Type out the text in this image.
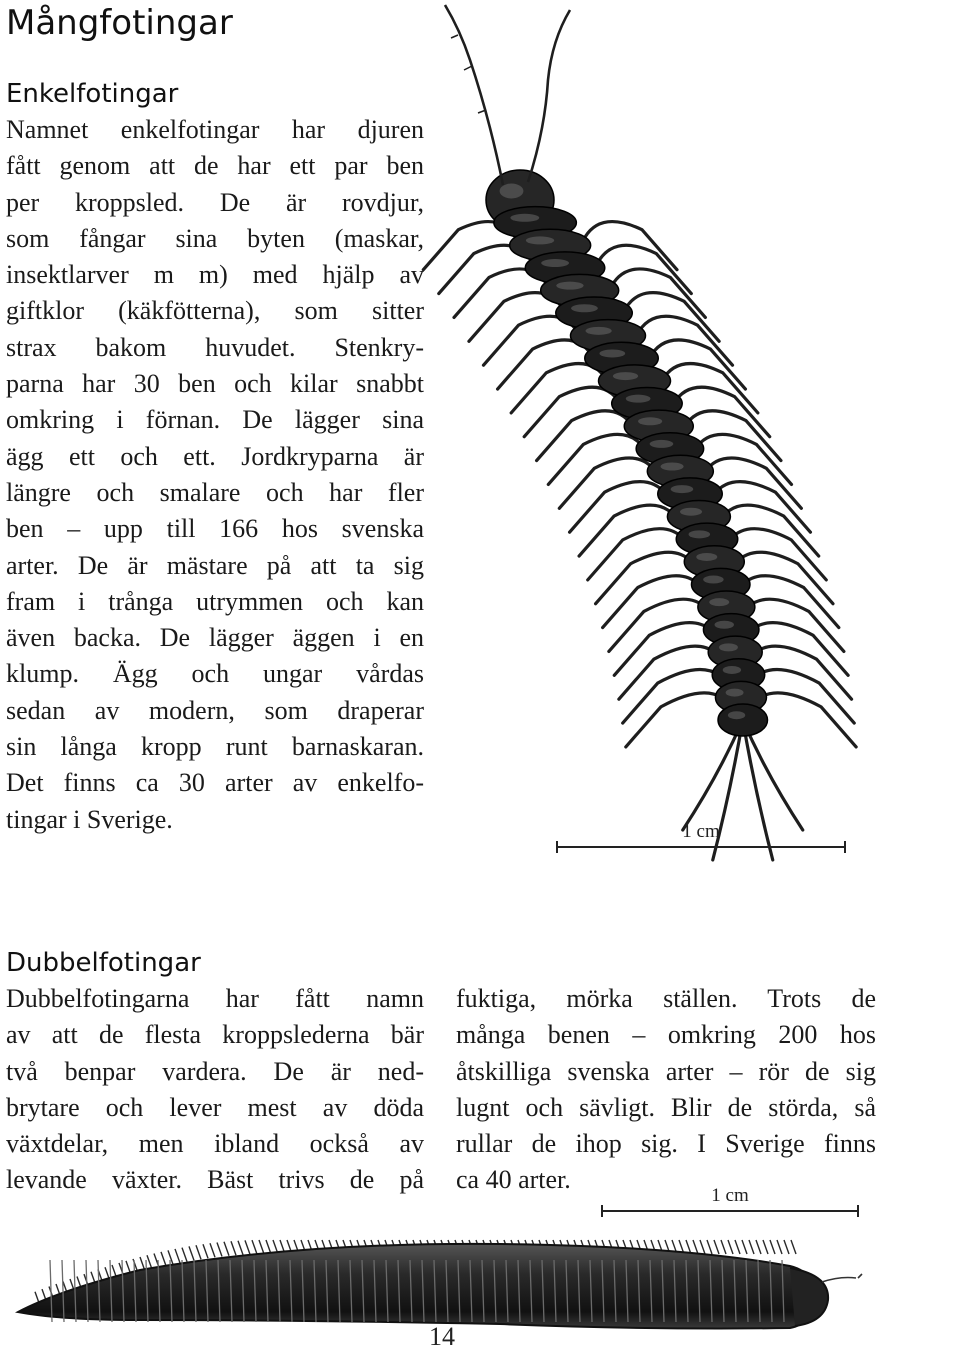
Mångfotingar
Enkelfotingar
Namnet enkelfotingar har djuren
fått genom att de har ett par ben
per kroppsled. De är rovdjur,
som fångar sina byten (maskar,
insektlarver m m) med hjälp av
giftklor (käkfötterna), som sitter
strax bakom huvudet. Stenkry-
parna har 30 ben och kilar snabbt
omkring i förnan. De lägger sina
ägg ett och ett. Jordkryparna är
längre och smalare och har fler
ben – upp till 166 hos svenska
arter. De är mästare på att ta sig
fram i trånga utrymmen och kan
även backa. De lägger äggen i en
klump. Ägg och ungar vårdas
sedan av modern, som draperar
sin långa kropp runt barnaskaran.
Det finns ca 30 arter av enkelfo-
tingar i Sverige.	1 cm
Dubbelfotingar
Dubbelfotingarna har fått namn
av att de flesta kroppslederna bär
två benpar vardera. De är ned-
brytare och lever mest av döda
växtdelar, men ibland också av
levande växter. Bäst trivs de på
fuktiga, mörka ställen. Trots de
många benen – omkring 200 hos
åtskilliga svenska arter – rör de sig
lugnt och sävligt. Blir de störda, så
rullar de ihop sig. I Sverige finns
ca 40 arter.
1 cm
14
